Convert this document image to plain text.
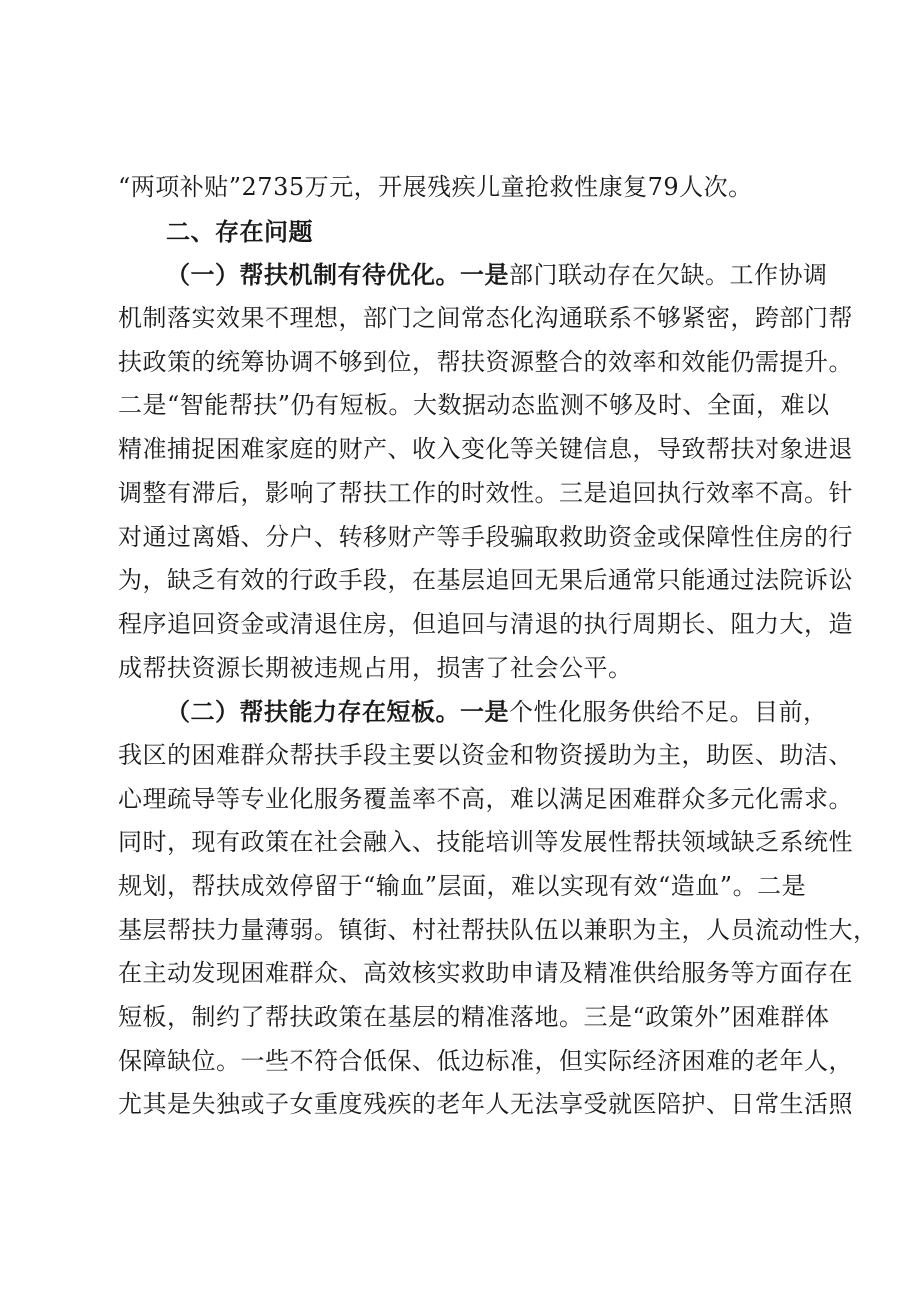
“两项补贴”2735万元，开展残疾儿童抢救性康复79人次。
二、存在问题
（一）帮扶机制有待优化。一是部门联动存在欠缺。工作协调
机制落实效果不理想，部门之间常态化沟通联系不够紧密，跨部门帮
扶政策的统筹协调不够到位，帮扶资源整合的效率和效能仍需提升。
二是“智能帮扶”仍有短板。大数据动态监测不够及时、全面，难以
精准捕捉困难家庭的财产、收入变化等关键信息，导致帮扶对象进退
调整有滞后，影响了帮扶工作的时效性。三是追回执行效率不高。针
对通过离婚、分户、转移财产等手段骗取救助资金或保障性住房的行
为，缺乏有效的行政手段，在基层追回无果后通常只能通过法院诉讼
程序追回资金或清退住房，但追回与清退的执行周期长、阻力大，造
成帮扶资源长期被违规占用，损害了社会公平。
（二）帮扶能力存在短板。一是个性化服务供给不足。目前，
我区的困难群众帮扶手段主要以资金和物资援助为主，助医、助洁、
心理疏导等专业化服务覆盖率不高，难以满足困难群众多元化需求。
同时，现有政策在社会融入、技能培训等发展性帮扶领域缺乏系统性
规划，帮扶成效停留于“输血”层面，难以实现有效“造血”。二是
基层帮扶力量薄弱。镇街、村社帮扶队伍以兼职为主，人员流动性大，
在主动发现困难群众、高效核实救助申请及精准供给服务等方面存在
短板，制约了帮扶政策在基层的精准落地。三是“政策外”困难群体
保障缺位。一些不符合低保、低边标准，但实际经济困难的老年人，
尤其是失独或子女重度残疾的老年人无法享受就医陪护、日常生活照
